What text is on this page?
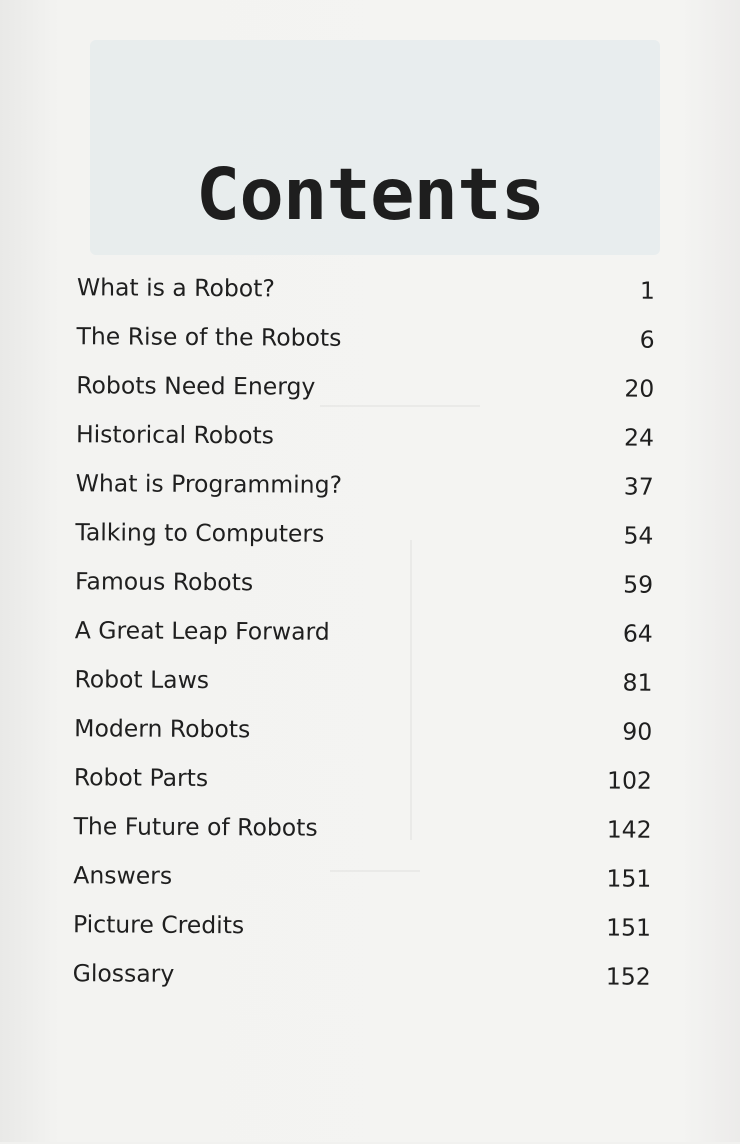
Contents
What is a Robot?	1
The Rise of the Robots	6
Robots Need Energy	20
Historical Robots	24
What is Programming?	37
Talking to Computers	54
Famous Robots	59
A Great Leap Forward	64
Robot Laws	81
Modern Robots	90
Robot Parts	102
The Future of Robots	142
Answers	151
Picture Credits	151
Glossary	152
